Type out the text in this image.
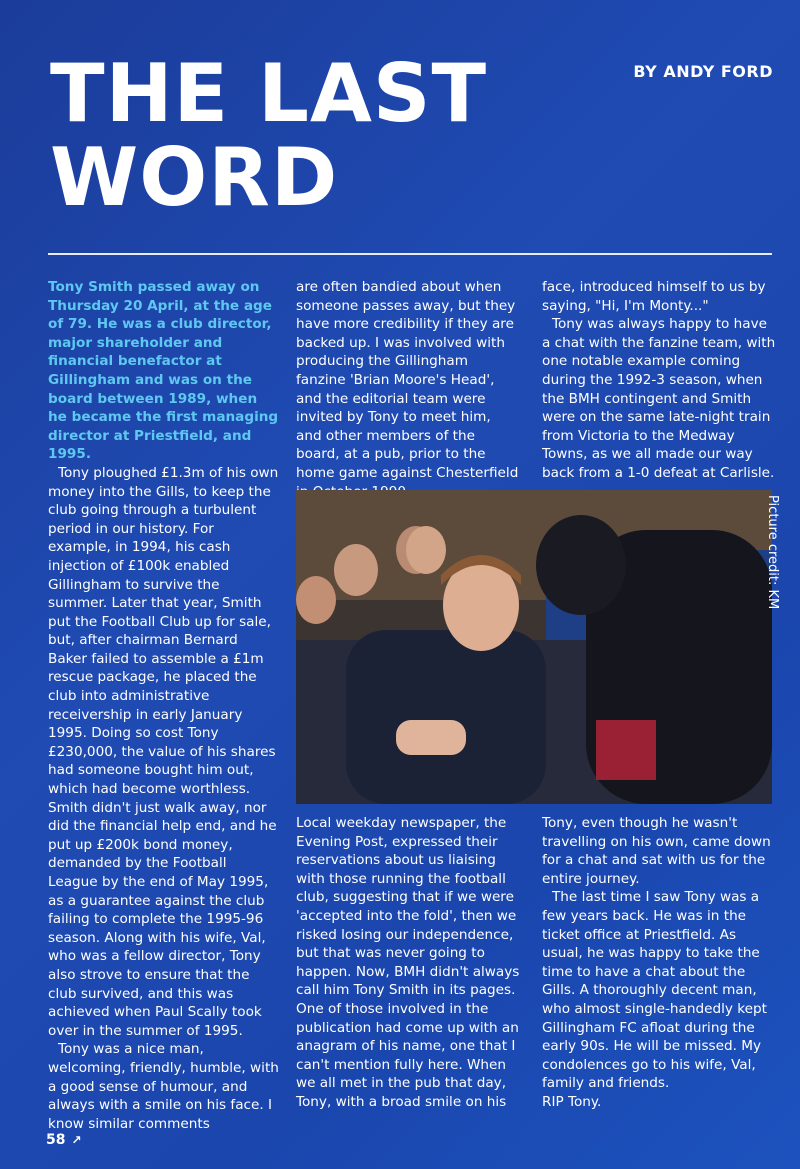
THE LAST
WORD
BY ANDY FORD

Tony Smith passed away on Thursday 20 April, at the age of 79. He was a club director, major shareholder and financial benefactor at Gillingham and was on the board between 1989, when he became the first managing director at Priestfield, and 1995.

Tony ploughed £1.3m of his own money into the Gills, to keep the club going through a turbulent period in our history. For example, in 1994, his cash injection of £100k enabled Gillingham to survive the summer. Later that year, Smith put the Football Club up for sale, but, after chairman Bernard Baker failed to assemble a £1m rescue package, he placed the club into administrative receivership in early January 1995. Doing so cost Tony £230,000, the value of his shares had someone bought him out, which had become worthless. Smith didn't just walk away, nor did the financial help end, and he put up £200k bond money, demanded by the Football League by the end of May 1995, as a guarantee against the club failing to complete the 1995-96 season. Along with his wife, Val, who was a fellow director, Tony also strove to ensure that the club survived, and this was achieved when Paul Scally took over in the summer of 1995.

Tony was a nice man, welcoming, friendly, humble, with a good sense of humour, and always with a smile on his face. I know similar comments

are often bandied about when someone passes away, but they have more credibility if they are backed up. I was involved with producing the Gillingham fanzine 'Brian Moore's Head', and the editorial team were invited by Tony to meet him, and other members of the board, at a pub, prior to the home game against Chesterfield

face, introduced himself to us by saying, "Hi, I'm Monty..."

Tony was always happy to have a chat with the fanzine team, with one notable example coming during the 1992-3 season, when the BMH contingent and Smith were on the same late-night train from Victoria to the Medway Towns, as we all made our way back from a 1-0 defeat at Carlisle.

Picture credit: KM

Local weekday newspaper, the Evening Post, expressed their reservations about us liaising with those running the football club, suggesting that if we were 'accepted into the fold', then we risked losing our independence, but that was never going to happen. Now, BMH didn't always call him Tony Smith in its pages. One of those involved in the publication had come up with an anagram of his name, one that I can't mention fully here. When we all met in the pub that day, Tony, with a broad smile on his

Tony, even though he wasn't travelling on his own, came down for a chat and sat with us for the entire journey.

The last time I saw Tony was a few years back. He was in the ticket office at Priestfield. As usual, he was happy to take the time to have a chat about the Gills. A thoroughly decent man, who almost single-handedly kept Gillingham FC afloat during the early 90s. He will be missed. My condolences go to his wife, Val, family and friends.

RIP Tony.

58 ↗
